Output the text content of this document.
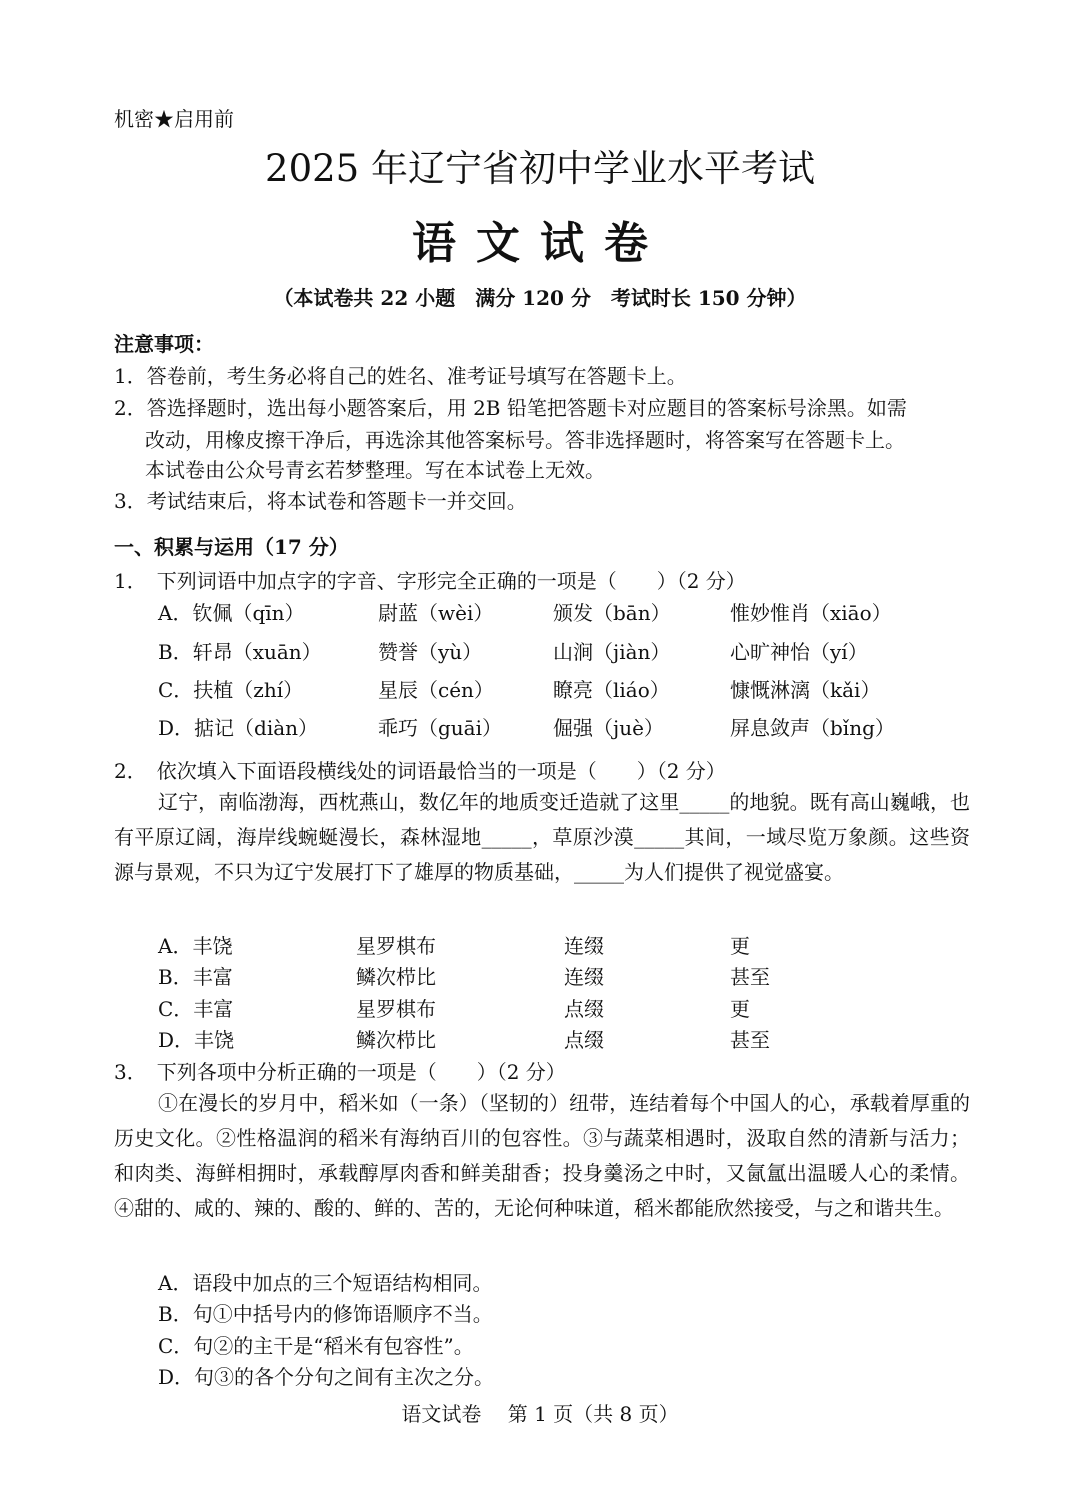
机密★启用前
2025 年辽宁省初中学业水平考试
语文试卷
（本试卷共 22 小题　满分 120 分　考试时长 150 分钟）
注意事项：
1．答卷前，考生务必将自己的姓名、准考证号填写在答题卡上。
2．答选择题时，选出每小题答案后，用 2B 铅笔把答题卡对应题目的答案标号涂黑。如需
改动，用橡皮擦干净后，再选涂其他答案标号。答非选择题时，将答案写在答题卡上。
本试卷由公众号青玄若梦整理。写在本试卷上无效。
3．考试结束后，将本试卷和答题卡一并交回。
一、积累与运用（17 分）
1．　下列词语中加点字的字音、字形完全正确的一项是（　　）（2 分）
A．钦佩（qīn）	尉蓝（wèi）	颁发（bān）	惟妙惟肖（xiāo）
B．轩昂（xuān）	赞誉（yù）	山涧（jiàn）	心旷神怡（yí）
C．扶植（zhí）	星辰（cén）	瞭亮（liáo）	慷慨淋漓（kǎi）
D．掂记（diàn）	乖巧（guāi）	倔强（juè）	屏息敛声（bǐng）
2．　依次填入下面语段横线处的词语最恰当的一项是（　　）（2 分）
辽宁，南临渤海，西枕燕山，数亿年的地质变迁造就了这里_____的地貌。既有高山巍峨，也有平原辽阔，海岸线蜿蜒漫长，森林湿地_____，草原沙漠_____其间，一域尽览万象颜。这些资源与景观，不只为辽宁发展打下了雄厚的物质基础，_____为人们提供了视觉盛宴。
A．丰饶	星罗棋布	连缀	更
B．丰富	鳞次栉比	连缀	甚至
C．丰富	星罗棋布	点缀	更
D．丰饶	鳞次栉比	点缀	甚至
3．　下列各项中分析正确的一项是（　　）（2 分）
①在漫长的岁月中，稻米如（一条）（坚韧的）纽带，连结着每个中国人的心，承载着厚重的历史文化。②性格温润的稻米有海纳百川的包容性。③与蔬菜相遇时，汲取自然的清新与活力；和肉类、海鲜相拥时，承载醇厚肉香和鲜美甜香；投身羹汤之中时，又氤氲出温暖人心的柔情。④甜的、咸的、辣的、酸的、鲜的、苦的，无论何种味道，稻米都能欣然接受，与之和谐共生。
A．语段中加点的三个短语结构相同。
B．句①中括号内的修饰语顺序不当。
C．句②的主干是“稻米有包容性”。
D．句③的各个分句之间有主次之分。
语文试卷　 第 1 页（共 8 页）
